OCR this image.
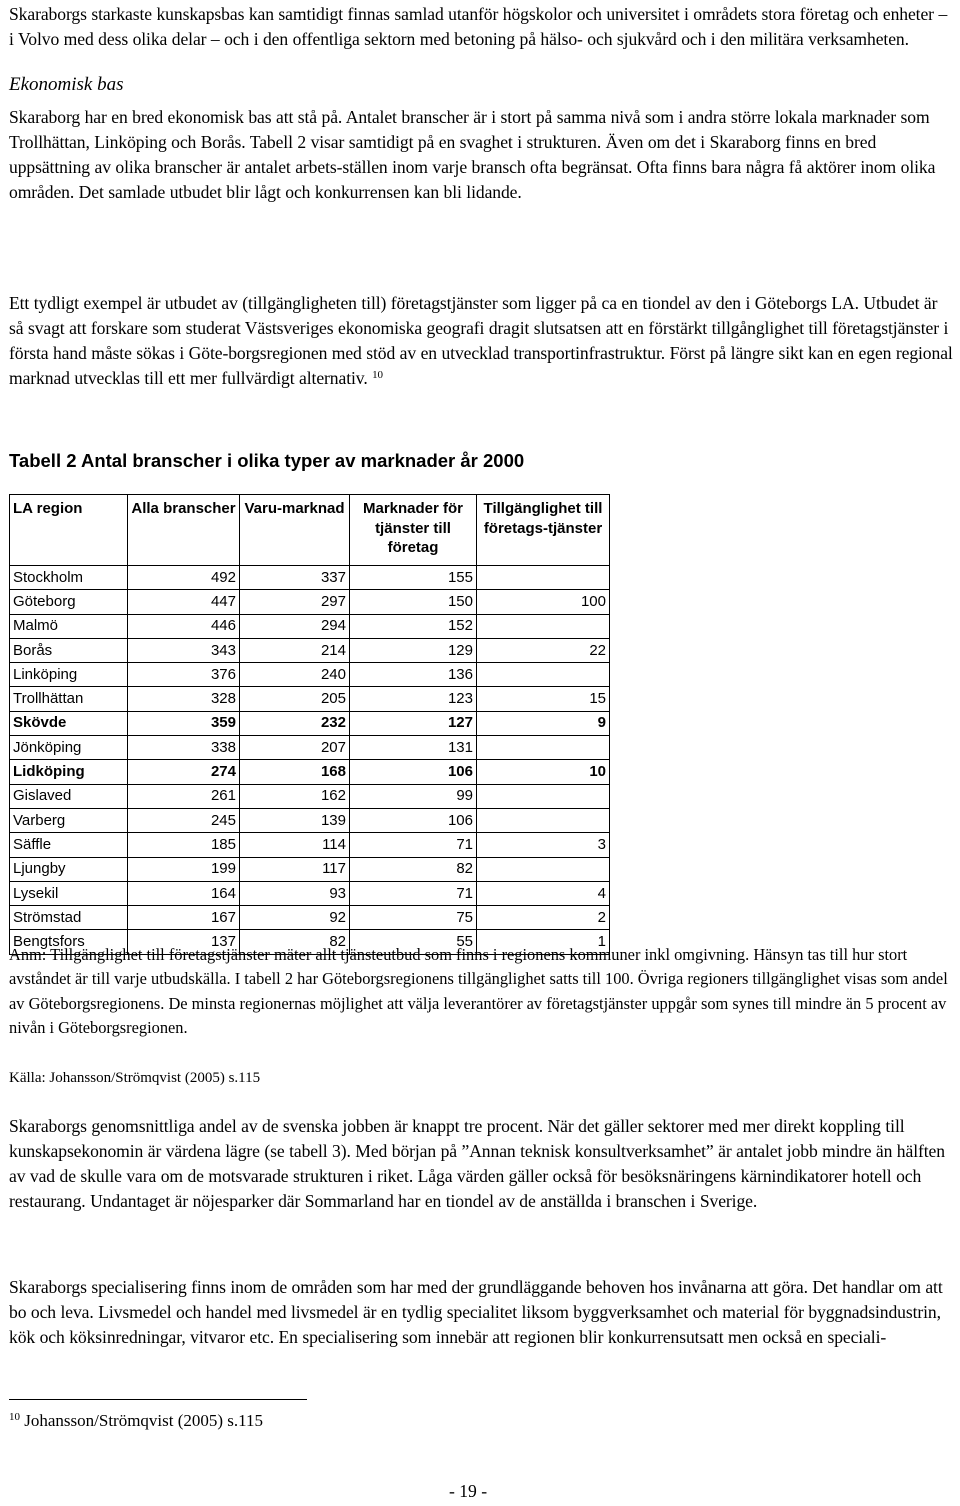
Skaraborgs starkaste kunskapsbas kan samtidigt finnas samlad utanför högskolor och universitet i områdets stora företag och enheter – i Volvo med dess olika delar – och i den offentliga sektorn med betoning på hälso- och sjukvård och i den militära verksamheten.

Ekonomisk bas

Skaraborg har en bred ekonomisk bas att stå på. Antalet branscher är i stort på samma nivå som i andra större lokala marknader som Trollhättan, Linköping och Borås. Tabell 2 visar samtidigt på en svaghet i strukturen. Även om det i Skaraborg finns en bred uppsättning av olika branscher är antalet arbets-ställen inom varje bransch ofta begränsat. Ofta finns bara några få aktörer inom olika områden. Det samlade utbudet blir lågt och konkurrensen kan bli lidande.

Ett tydligt exempel är utbudet av (tillgängligheten till) företagstjänster som ligger på ca en tiondel av den i Göteborgs LA. Utbudet är så svagt att forskare som studerat Västsveriges ekonomiska geografi dragit slutsatsen att en förstärkt tillgånglighet till företagstjänster i första hand måste sökas i Göte-borgsregionen med stöd av en utvecklad transportinfrastruktur. Först på längre sikt kan en egen regional marknad utvecklas till ett mer fullvärdigt alternativ. $^{10}$

Tabell 2 Antal branscher i olika typer av marknader år 2000
LA region	Alla branscher	Varu-marknad	Marknader för tjänster till företag	Tillgänglighet till företags-tjänster
Stockholm	492	337	155	
Göteborg	447	297	150	100
Malmö	446	294	152	
Borås	343	214	129	22
Linköping	376	240	136	
Trollhättan	328	205	123	15
Skövde	359	232	127	9
Jönköping	338	207	131	
Lidköping	274	168	106	10
Gislaved	261	162	99	
Varberg	245	139	106	
Säffle	185	114	71	3
Ljungby	199	117	82	
Lysekil	164	93	71	4
Strömstad	167	92	75	2
Bengtsfors	137	82	55	1

Anm: Tillgänglighet till företagstjänster mäter allt tjänsteutbud som finns i regionens kommuner inkl omgivning. Hänsyn tas till hur stort avståndet är till varje utbudskälla. I tabell 2 har Göteborgsregionens tillgänglighet satts till 100. Övriga regioners tillgänglighet visas som andel av Göteborgsregionens. De minsta regionernas möjlighet att välja leverantörer av företagstjänster uppgår som synes till mindre än 5 procent av nivån i Göteborgsregionen.

Källa: Johansson/Strömqvist (2005) s.115

Skaraborgs genomsnittliga andel av de svenska jobben är knappt tre procent. När det gäller sektorer med mer direkt koppling till kunskapsekonomin är värdena lägre (se tabell 3). Med början på ”Annan teknisk konsultverksamhet” är antalet jobb mindre än hälften av vad de skulle vara om de motsvarade strukturen i riket. Låga värden gäller också för besöksnäringens kärnindikatorer hotell och restaurang. Undantaget är nöjesparker där Sommarland har en tiondel av de anställda i branschen i Sverige.

Skaraborgs specialisering finns inom de områden som har med der grundläggande behoven hos invånarna att göra. Det handlar om att bo och leva. Livsmedel och handel med livsmedel är en tydlig specialitet liksom byggverksamhet och material för byggnadsindustrin, kök och köksinredningar, vitvaror etc. En specialisering som innebär att regionen blir konkurrensutsatt men också en speciali-

$^{10}$ Johansson/Strömqvist (2005) s.115

- 19 -
